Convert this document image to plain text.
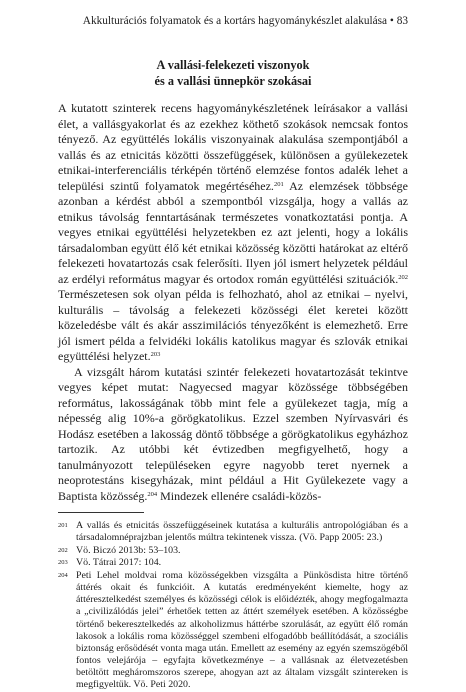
Akkulturációs folyamatok és a kortárs hagyománykészlet alakulása • 83
A vallási-felekezeti viszonyok
és a vallási ünnepkör szokásai

A kutatott szinterek recens hagyománykészletének leírásakor a vallási élet, a vallásgyakorlat és az ezekhez köthető szokások nemcsak fontos tényező. Az együttélés lokális viszonyainak alakulása szempontjából a vallás és az etnicitás közötti összefüggések, különösen a gyülekezetek etnikai-interferenciális térképén történő elemzése fontos adalék lehet a települési szintű folyamatok megértéséhez.$^{201}$ Az elemzések többsége azonban a kérdést abból a szempontból vizsgálja, hogy a vallás az etnikus távolság fenntartásának természetes vonatkoztatási pontja. A vegyes etnikai együttélési helyzetekben ez azt jelenti, hogy a lokális társadalomban együtt élő két etnikai közösség közötti határokat az eltérő felekezeti hovatartozás csak felerősíti. Ilyen jól ismert helyzetek például az erdélyi református magyar és ortodox román együttélési szituációk.$^{202}$ Természetesen sok olyan példa is felhozható, ahol az etnikai – nyelvi, kulturális – távolság a felekezeti közösségi élet keretei között közeledésbe vált és akár asszimilációs tényezőként is elemezhető. Erre jól ismert példa a felvidéki lokális katolikus magyar és szlovák etnikai együttélési helyzet.$^{203}$

A vizsgált három kutatási szintér felekezeti hovatartozását tekintve vegyes képet mutat: Nagyecsed magyar közössége többségében református, lakosságának több mint fele a gyülekezet tagja, míg a népesség alig 10%-a görögkatolikus. Ezzel szemben Nyírvasvári és Hodász esetében a lakosság döntő többsége a görögkatolikus egyházhoz tartozik. Az utóbbi két évtizedben megfigyelhető, hogy a tanulmányozott településeken egyre nagyobb teret nyernek a neoprotestáns kisegyházak, mint például a Hit Gyülekezete vagy a Baptista közösség.$^{204}$ Mindezek ellenére családi-közös-

201 A vallás és etnicitás összefüggéseinek kutatása a kulturális antropológiában és a társadalomnéprajzban jelentős múltra tekintenek vissza. (Vö. Papp 2005: 23.)
202 Vö. Biczó 2013b: 53–103.
203 Vö. Tátrai 2017: 104.
204 Peti Lehel moldvai roma közösségekben vizsgálta a Pünkösdista hitre történő áttérés okait és funkcióit. A kutatás eredményeként kiemelte, hogy az áttéresztelkedést személyes és közösségi célok is előidézték, ahogy megfogalmazta a „civilizálódás jelei” érhetőek tetten az áttért személyek esetében. A közösségbe történő bekeresztelkedés az alkoholizmus háttérbe szorulását, az együtt élő román lakosok a lokális roma közösséggel szembeni elfogadóbb beállítódását, a szociális biztonság erősödését vonta maga után. Emellett az esemény az egyén szemszögéből fontos velejárója – egyfajta következménye – a vallásnak az életvezetésben betöltött megháromszoros szerepe, ahogyan azt az általam vizsgált szintereken is megfigyeltük. Vö. Peti 2020.
